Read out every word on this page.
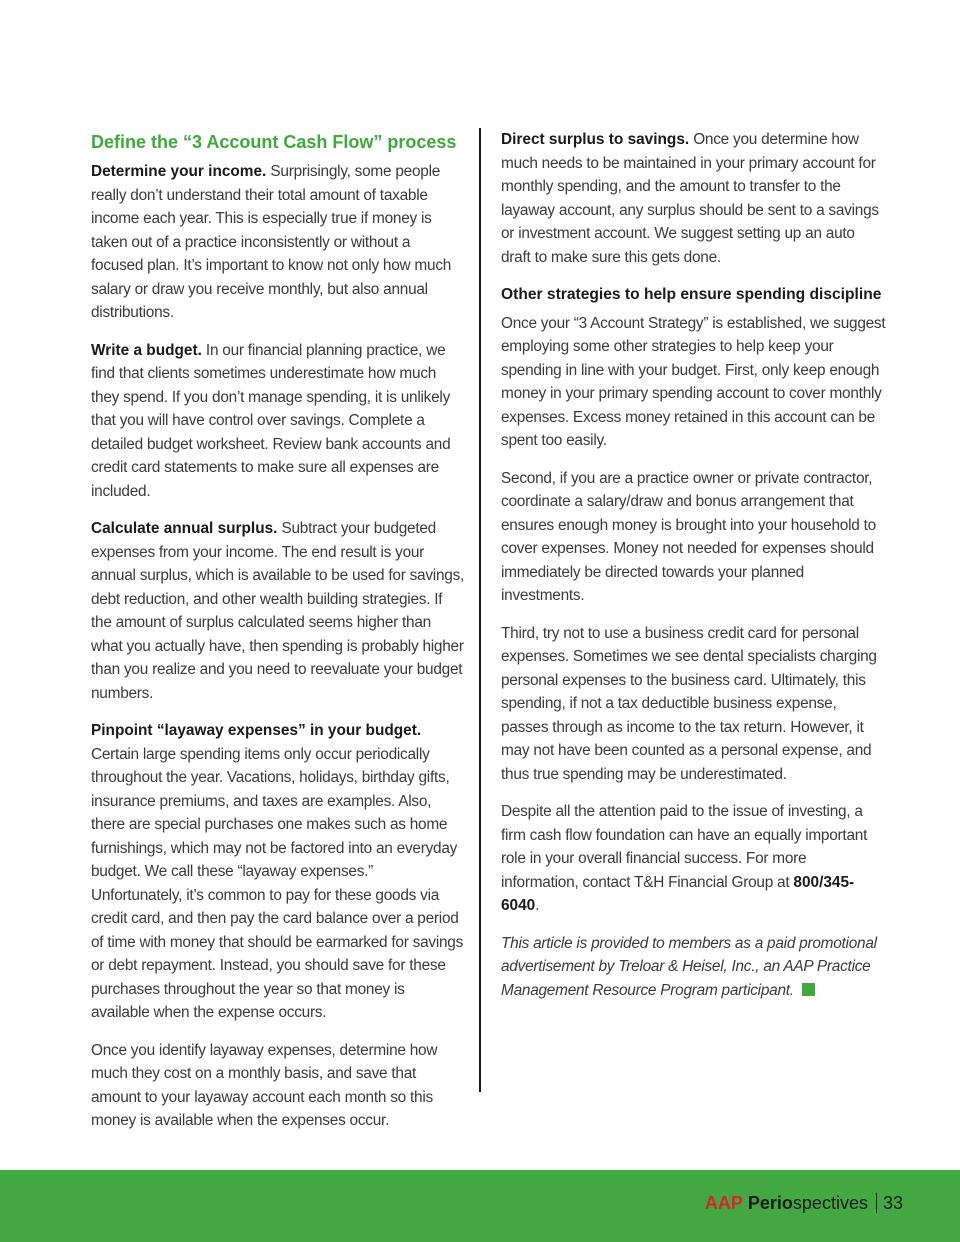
Define the “3 Account Cash Flow” process

Determine your income. Surprisingly, some people really don’t understand their total amount of taxable income each year. This is especially true if money is taken out of a practice inconsistently or without a focused plan. It’s important to know not only how much salary or draw you receive monthly, but also annual distributions.

Write a budget. In our financial planning practice, we find that clients sometimes underestimate how much they spend. If you don’t manage spending, it is unlikely that you will have control over savings. Complete a detailed budget worksheet. Review bank accounts and credit card statements to make sure all expenses are included.

Calculate annual surplus. Subtract your budgeted expenses from your income. The end result is your annual surplus, which is available to be used for savings, debt reduction, and other wealth building strategies. If the amount of surplus calculated seems higher than what you actually have, then spending is probably higher than you realize and you need to reevaluate your budget numbers.

Pinpoint “layaway expenses” in your budget. Certain large spending items only occur periodically throughout the year. Vacations, holidays, birthday gifts, insurance premiums, and taxes are examples. Also, there are special purchases one makes such as home furnishings, which may not be factored into an everyday budget. We call these “layaway expenses.” Unfortunately, it’s common to pay for these goods via credit card, and then pay the card balance over a period of time with money that should be earmarked for savings or debt repayment. Instead, you should save for these purchases throughout the year so that money is available when the expense occurs.

Once you identify layaway expenses, determine how much they cost on a monthly basis, and save that amount to your layaway account each month so this money is available when the expenses occur.

Direct surplus to savings. Once you determine how much needs to be maintained in your primary account for monthly spending, and the amount to transfer to the layaway account, any surplus should be sent to a savings or investment account. We suggest setting up an auto draft to make sure this gets done.

Other strategies to help ensure spending discipline

Once your “3 Account Strategy” is established, we suggest employing some other strategies to help keep your spending in line with your budget. First, only keep enough money in your primary spending account to cover monthly expenses. Excess money retained in this account can be spent too easily.

Second, if you are a practice owner or private contractor, coordinate a salary/draw and bonus arrangement that ensures enough money is brought into your household to cover expenses. Money not needed for expenses should immediately be directed towards your planned investments.

Third, try not to use a business credit card for personal expenses. Sometimes we see dental specialists charging personal expenses to the business card. Ultimately, this spending, if not a tax deductible business expense, passes through as income to the tax return. However, it may not have been counted as a personal expense, and thus true spending may be underestimated.

Despite all the attention paid to the issue of investing, a firm cash flow foundation can have an equally important role in your overall financial success. For more information, contact T&H Financial Group at 800/345-6040.

This article is provided to members as a paid promotional advertisement by Treloar & Heisel, Inc., an AAP Practice Management Resource Program participant.

AAP Periospectives 33
